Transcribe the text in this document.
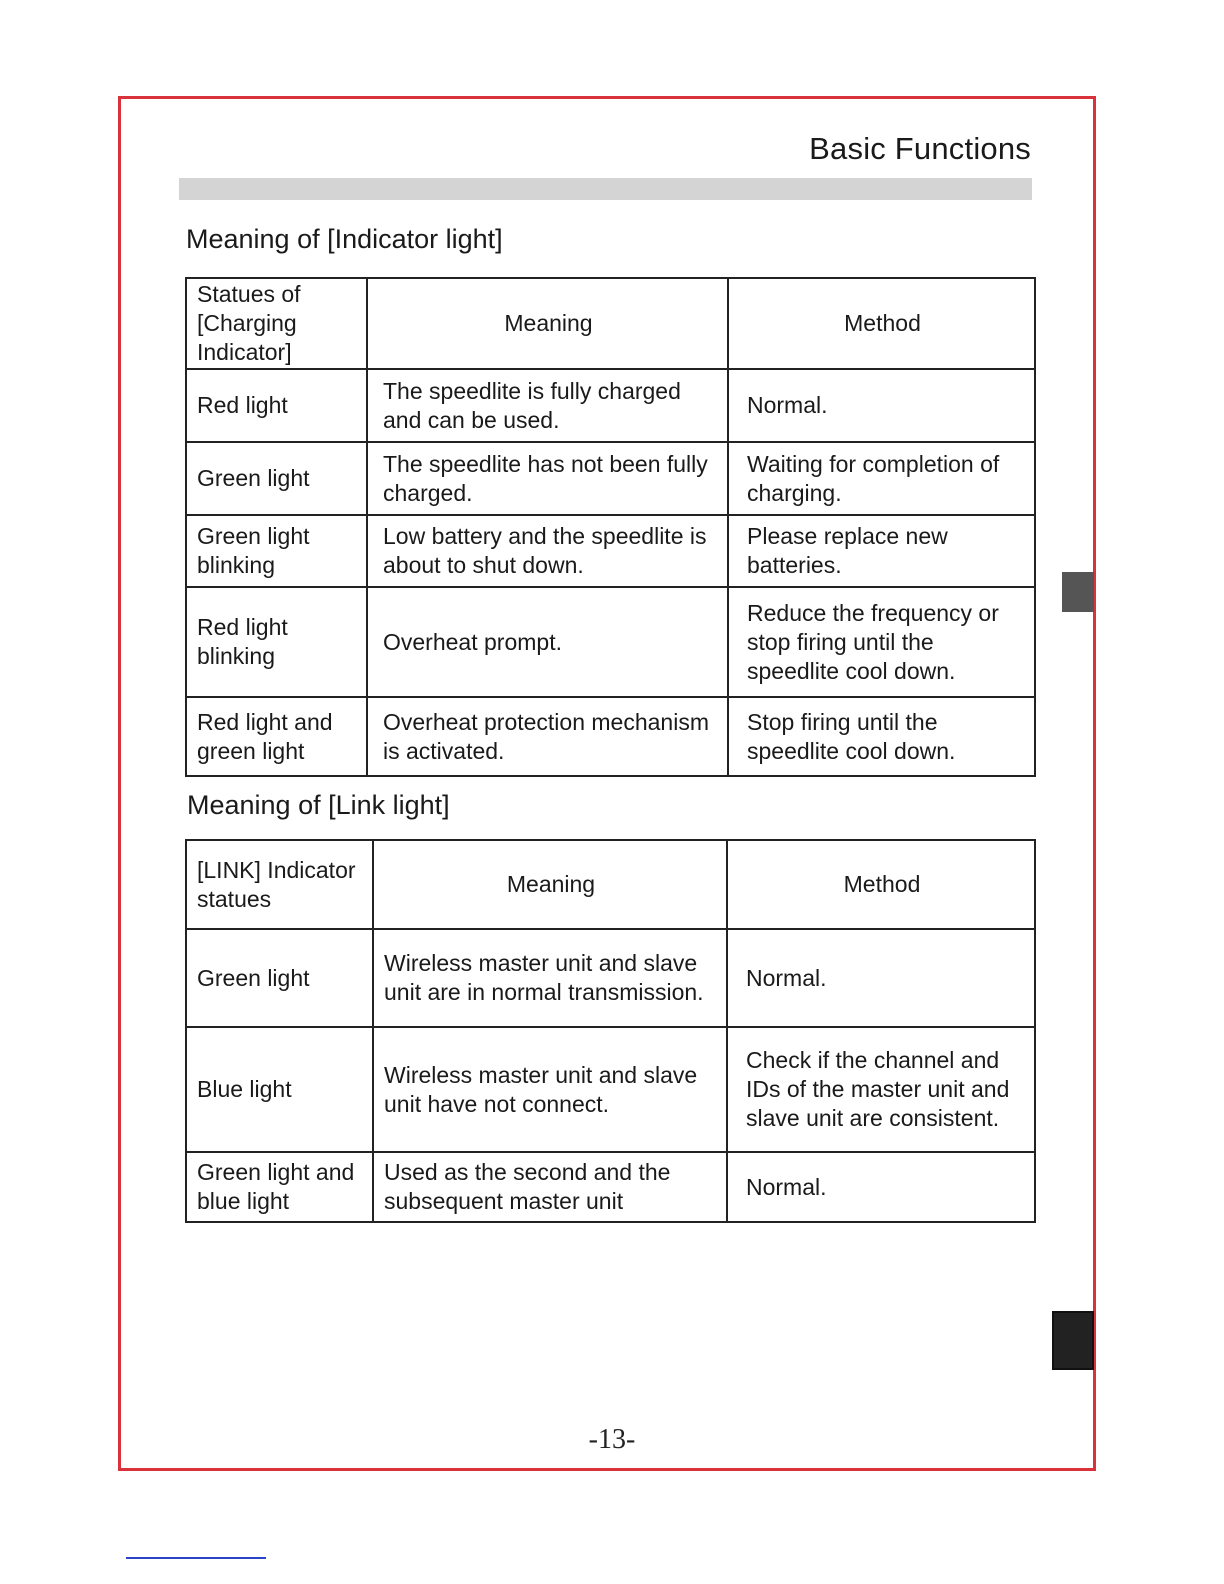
Basic Functions
Meaning of [Indicator light]
Statues of [Charging Indicator]	Meaning	Method
Red light	The speedlite is fully charged and can be used.	Normal.
Green light	The speedlite has not been fully charged.	Waiting for completion of charging.
Green light blinking	Low battery and the speedlite is about to shut down.	Please replace new batteries.
Red light blinking	Overheat prompt.	Reduce the frequency or stop firing until the speedlite cool down.
Red light and green light	Overheat protection mechanism is activated.	Stop firing until the speedlite cool down.
Meaning of [Link light]
[LINK] Indicator statues	Meaning	Method
Green light	Wireless master unit and slave unit are in normal transmission.	Normal.
Blue light	Wireless master unit and slave unit have not connect.	Check if the channel and IDs of the master unit and slave unit are consistent.
Green light and blue light	Used as the second and the subsequent master unit	Normal.
-13-
